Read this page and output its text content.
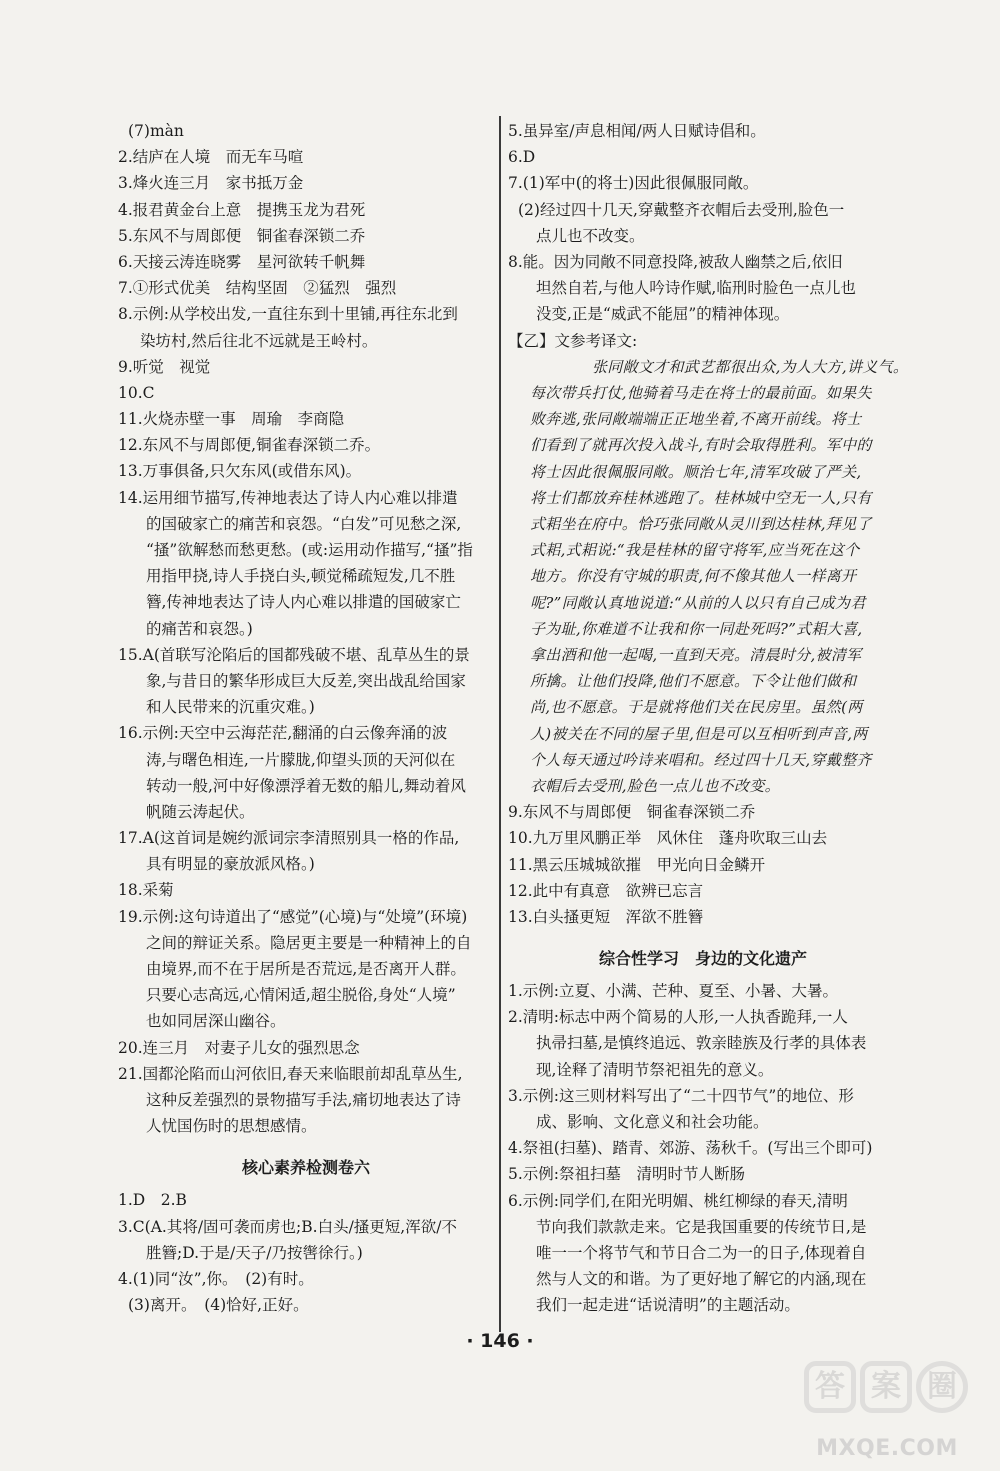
(7)màn
2.结庐在人境　而无车马喧
3.烽火连三月　家书抵万金
4.报君黄金台上意　提携玉龙为君死
5.东风不与周郎便　铜雀春深锁二乔
6.天接云涛连晓雾　星河欲转千帆舞
7.①形式优美　结构坚固　②猛烈　强烈
8.示例:从学校出发,一直往东到十里铺,再往东北到
染坊村,然后往北不远就是王岭村。
9.听觉　视觉
10.C
11.火烧赤壁一事　周瑜　李商隐
12.东风不与周郎便,铜雀春深锁二乔。
13.万事俱备,只欠东风(或借东风)。
14.运用细节描写,传神地表达了诗人内心难以排遣
的国破家亡的痛苦和哀怨。“白发”可见愁之深,
“搔”欲解愁而愁更愁。(或:运用动作描写,“搔”指
用指甲挠,诗人手挠白头,顿觉稀疏短发,几不胜
簪,传神地表达了诗人内心难以排遣的国破家亡
的痛苦和哀怨。)
15.A(首联写沦陷后的国都残破不堪、乱草丛生的景
象,与昔日的繁华形成巨大反差,突出战乱给国家
和人民带来的沉重灾难。)
16.示例:天空中云海茫茫,翻涌的白云像奔涌的波
涛,与曙色相连,一片朦胧,仰望头顶的天河似在
转动一般,河中好像漂浮着无数的船儿,舞动着风
帆随云涛起伏。
17.A(这首词是婉约派词宗李清照别具一格的作品,
具有明显的豪放派风格。)
18.采菊
19.示例:这句诗道出了“感觉”(心境)与“处境”(环境)
之间的辩证关系。隐居更主要是一种精神上的自
由境界,而不在于居所是否荒远,是否离开人群。
只要心志高远,心情闲适,超尘脱俗,身处“人境”
也如同居深山幽谷。
20.连三月　对妻子儿女的强烈思念
21.国都沦陷而山河依旧,春天来临眼前却乱草丛生,
这种反差强烈的景物描写手法,痛切地表达了诗
人忧国伤时的思想感情。
核心素养检测卷六
1.D　2.B
3.C(A.其将/固可袭而虏也;B.白头/搔更短,浑欲/不
胜簪;D.于是/天子/乃按辔徐行。)
4.(1)同“汝”,你。　(2)有时。
(3)离开。　(4)恰好,正好。
5.虽异室/声息相闻/两人日赋诗倡和。
6.D
7.(1)军中(的将士)因此很佩服同敞。
(2)经过四十几天,穿戴整齐衣帽后去受刑,脸色一
点儿也不改变。
8.能。因为同敞不同意投降,被敌人幽禁之后,依旧
坦然自若,与他人吟诗作赋,临刑时脸色一点儿也
没变,正是“威武不能屈”的精神体现。
【乙】文参考译文:
张同敞文才和武艺都很出众,为人大方,讲义气。
每次带兵打仗,他骑着马走在将士的最前面。如果失
败奔逃,张同敞端端正正地坐着,不离开前线。将士
们看到了就再次投入战斗,有时会取得胜利。军中的
将士因此很佩服同敞。顺治七年,清军攻破了严关,
将士们都放弃桂林逃跑了。桂林城中空无一人,只有
式耜坐在府中。恰巧张同敞从灵川到达桂林,拜见了
式耜,式耜说:“我是桂林的留守将军,应当死在这个
地方。你没有守城的职责,何不像其他人一样离开
呢?”同敞认真地说道:“从前的人以只有自己成为君
子为耻,你难道不让我和你一同赴死吗?”式耜大喜,
拿出酒和他一起喝,一直到天亮。清晨时分,被清军
所擒。让他们投降,他们不愿意。下令让他们做和
尚,也不愿意。于是就将他们关在民房里。虽然(两
人)被关在不同的屋子里,但是可以互相听到声音,两
个人每天通过吟诗来唱和。经过四十几天,穿戴整齐
衣帽后去受刑,脸色一点儿也不改变。
9.东风不与周郎便　铜雀春深锁二乔
10.九万里风鹏正举　风休住　蓬舟吹取三山去
11.黑云压城城欲摧　甲光向日金鳞开
12.此中有真意　欲辨已忘言
13.白头搔更短　浑欲不胜簪
综合性学习　身边的文化遗产
1.示例:立夏、小满、芒种、夏至、小暑、大暑。
2.清明:标志中两个简易的人形,一人执香跪拜,一人
执帚扫墓,是慎终追远、敦亲睦族及行孝的具体表
现,诠释了清明节祭祀祖先的意义。
3.示例:这三则材料写出了“二十四节气”的地位、形
成、影响、文化意义和社会功能。
4.祭祖(扫墓)、踏青、郊游、荡秋千。(写出三个即可)
5.示例:祭祖扫墓　清明时节人断肠
6.示例:同学们,在阳光明媚、桃红柳绿的春天,清明
节向我们款款走来。它是我国重要的传统节日,是
唯一一个将节气和节日合二为一的日子,体现着自
然与人文的和谐。为了更好地了解它的内涵,现在
我们一起走进“话说清明”的主题活动。
· 146 ·
答 案 圈
MXQE.COM
